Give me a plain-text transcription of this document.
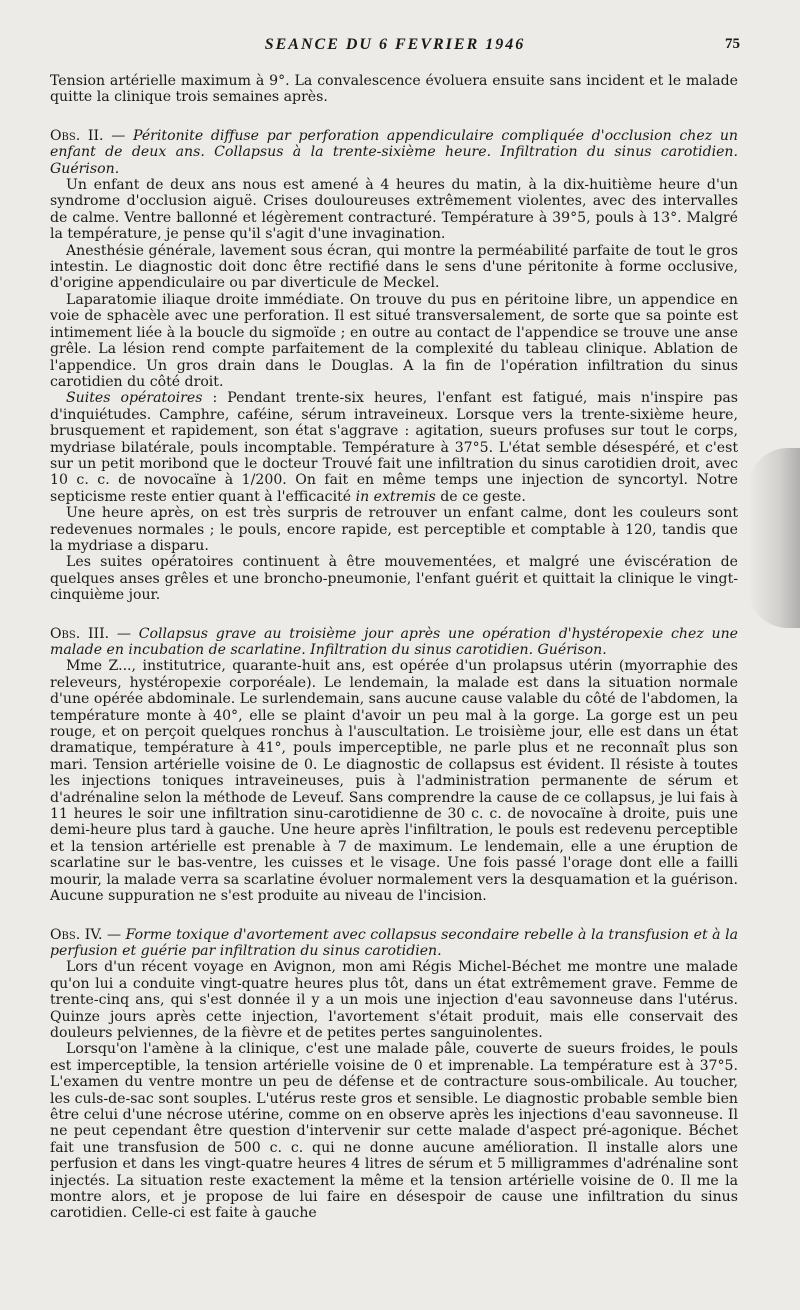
SEANCE DU 6 FEVRIER 1946	75

Tension artérielle maximum à 9°. La convalescence évoluera ensuite sans incident et le malade quitte la clinique trois semaines après.

Obs. II. — Péritonite diffuse par perforation appendiculaire compliquée d'occlusion chez un enfant de deux ans. Collapsus à la trente-sixième heure. Infiltration du sinus carotidien. Guérison.

Un enfant de deux ans nous est amené à 4 heures du matin, à la dix-huitième heure d'un syndrome d'occlusion aiguë. Crises douloureuses extrêmement violentes, avec des intervalles de calme. Ventre ballonné et légèrement contracturé. Température à 39°5, pouls à 13°. Malgré la température, je pense qu'il s'agit d'une invagination.

Anesthésie générale, lavement sous écran, qui montre la perméabilité parfaite de tout le gros intestin. Le diagnostic doit donc être rectifié dans le sens d'une péritonite à forme occlusive, d'origine appendiculaire ou par diverticule de Meckel.

Laparatomie iliaque droite immédiate. On trouve du pus en péritoine libre, un appendice en voie de sphacèle avec une perforation. Il est situé transversalement, de sorte que sa pointe est intimement liée à la boucle du sigmoïde ; en outre au contact de l'appendice se trouve une anse grêle. La lésion rend compte parfaitement de la complexité du tableau clinique. Ablation de l'appendice. Un gros drain dans le Douglas. A la fin de l'opération infiltration du sinus carotidien du côté droit.

Suites opératoires : Pendant trente-six heures, l'enfant est fatigué, mais n'inspire pas d'inquiétudes. Camphre, caféine, sérum intraveineux. Lorsque vers la trente-sixième heure, brusquement et rapidement, son état s'aggrave : agitation, sueurs profuses sur tout le corps, mydriase bilatérale, pouls incomptable. Température à 37°5. L'état semble désespéré, et c'est sur un petit moribond que le docteur Trouvé fait une infiltration du sinus carotidien droit, avec 10 c. c. de novocaïne à 1/200. On fait en même temps une injection de syncortyl. Notre septicisme reste entier quant à l'efficacité in extremis de ce geste.

Une heure après, on est très surpris de retrouver un enfant calme, dont les couleurs sont redevenues normales ; le pouls, encore rapide, est perceptible et comptable à 120, tandis que la mydriase a disparu.

Les suites opératoires continuent à être mouvementées, et malgré une éviscération de quelques anses grêles et une broncho-pneumonie, l'enfant guérit et quittait la clinique le vingt-cinquième jour.

Obs. III. — Collapsus grave au troisième jour après une opération d'hystéropexie chez une malade en incubation de scarlatine. Infiltration du sinus carotidien. Guérison.

Mme Z..., institutrice, quarante-huit ans, est opérée d'un prolapsus utérin (myorraphie des releveurs, hystéropexie corporéale). Le lendemain, la malade est dans la situation normale d'une opérée abdominale. Le surlendemain, sans aucune cause valable du côté de l'abdomen, la température monte à 40°, elle se plaint d'avoir un peu mal à la gorge. La gorge est un peu rouge, et on perçoit quelques ronchus à l'auscultation. Le troisième jour, elle est dans un état dramatique, température à 41°, pouls imperceptible, ne parle plus et ne reconnaît plus son mari. Tension artérielle voisine de 0. Le diagnostic de collapsus est évident. Il résiste à toutes les injections toniques intraveineuses, puis à l'administration permanente de sérum et d'adrénaline selon la méthode de Leveuf. Sans comprendre la cause de ce collapsus, je lui fais à 11 heures le soir une infiltration sinu-carotidienne de 30 c. c. de novocaïne à droite, puis une demi-heure plus tard à gauche. Une heure après l'infiltration, le pouls est redevenu perceptible et la tension artérielle est prenable à 7 de maximum. Le lendemain, elle a une éruption de scarlatine sur le bas-ventre, les cuisses et le visage. Une fois passé l'orage dont elle a failli mourir, la malade verra sa scarlatine évoluer normalement vers la desquamation et la guérison. Aucune suppuration ne s'est produite au niveau de l'incision.

Obs. IV. — Forme toxique d'avortement avec collapsus secondaire rebelle à la transfusion et à la perfusion et guérie par infiltration du sinus carotidien.

Lors d'un récent voyage en Avignon, mon ami Régis Michel-Béchet me montre une malade qu'on lui a conduite vingt-quatre heures plus tôt, dans un état extrêmement grave. Femme de trente-cinq ans, qui s'est donnée il y a un mois une injection d'eau savonneuse dans l'utérus. Quinze jours après cette injection, l'avortement s'était produit, mais elle conservait des douleurs pelviennes, de la fièvre et de petites pertes sanguinolentes.

Lorsqu'on l'amène à la clinique, c'est une malade pâle, couverte de sueurs froides, le pouls est imperceptible, la tension artérielle voisine de 0 et imprenable. La température est à 37°5. L'examen du ventre montre un peu de défense et de contracture sous-ombilicale. Au toucher, les culs-de-sac sont souples. L'utérus reste gros et sensible. Le diagnostic probable semble bien être celui d'une nécrose utérine, comme on en observe après les injections d'eau savonneuse. Il ne peut cependant être question d'intervenir sur cette malade d'aspect pré-agonique. Béchet fait une transfusion de 500 c. c. qui ne donne aucune amélioration. Il installe alors une perfusion et dans les vingt-quatre heures 4 litres de sérum et 5 milligrammes d'adrénaline sont injectés. La situation reste exactement la même et la tension artérielle voisine de 0. Il me la montre alors, et je propose de lui faire en désespoir de cause une infiltration du sinus carotidien. Celle-ci est faite à gauche
